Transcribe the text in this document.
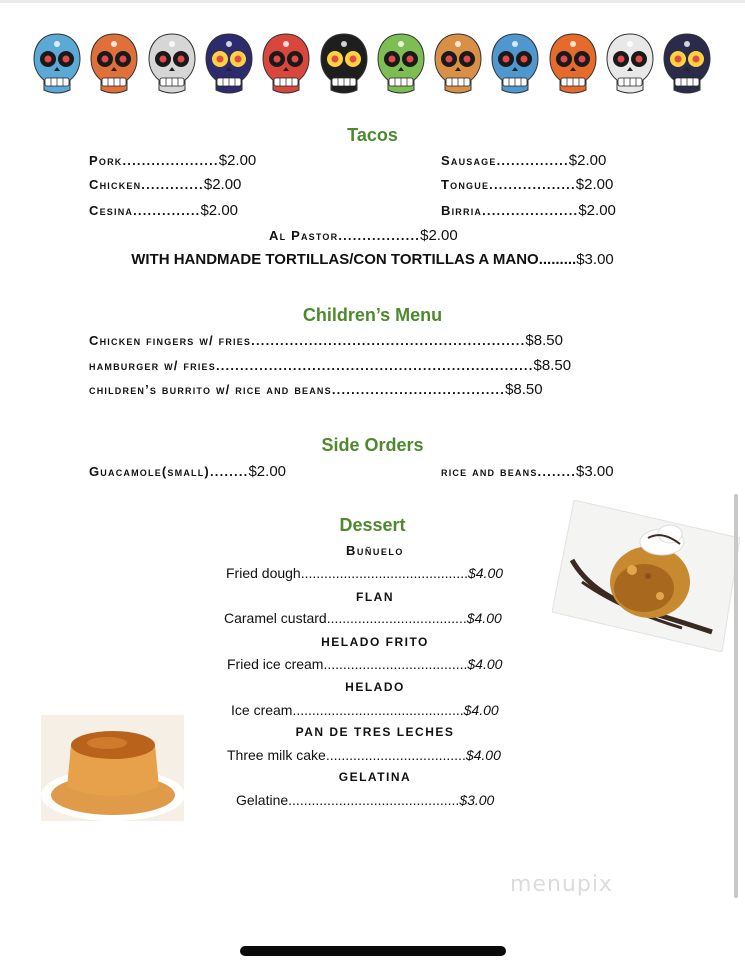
Tacos
Pork....................$2.00
Chicken.............$2.00
Cesina..............$2.00
Sausage...............$2.00
Tongue..................$2.00
Birria....................$2.00
Al Pastor.................$2.00
WITH HANDMADE TORTILLAS/CON TORTILLAS A MANO.........$3.00
Children’s Menu
Chicken fingers w/ fries.........................................................$8.50
hamburger w/ fries..................................................................$8.50
children’s burrito w/ rice and beans....................................$8.50
Side Orders
Guacamole(small)........$2.00	rice and beans........$3.00
Dessert
Buñuelo
Fried dough...........................................$4.00
FLAN
Caramel custard....................................$4.00
HELADO FRITO
Fried ice cream.....................................$4.00
HELADO
Ice cream............................................$4.00
PAN DE TRES LECHES
Three milk cake....................................$4.00
GELATINA
Gelatine............................................$3.00
menupix
